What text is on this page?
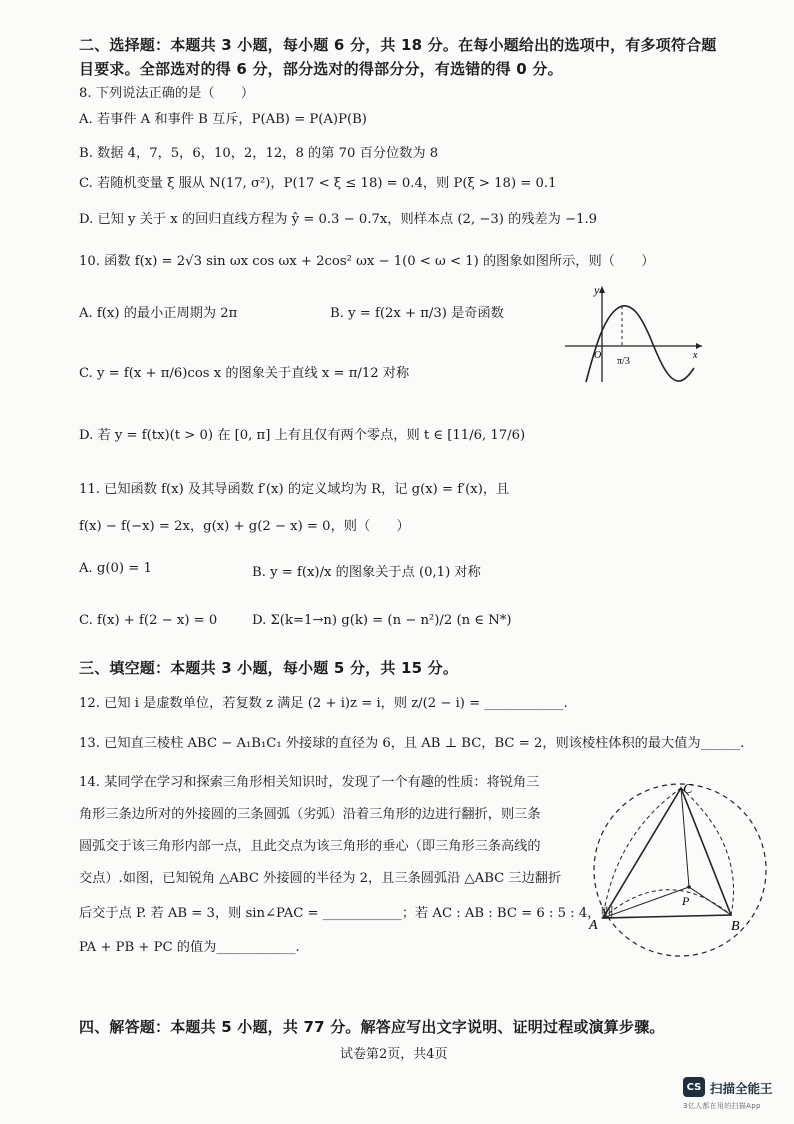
二、选择题：本题共 3 小题，每小题 6 分，共 18 分。在每小题给出的选项中，有多项符合题
目要求。全部选对的得 6 分，部分选对的得部分分，有选错的得 0 分。
8. 下列说法正确的是（　　）
A. 若事件 A 和事件 B 互斥，P(AB) = P(A)P(B)
B. 数据 4，7，5，6，10，2，12，8 的第 70 百分位数为 8
C. 若随机变量 ξ 服从 N(17, σ²)，P(17 < ξ ≤ 18) = 0.4，则 P(ξ > 18) = 0.1
D. 已知 y 关于 x 的回归直线方程为 ŷ = 0.3 − 0.7x，则样本点 (2, −3) 的残差为 −1.9
10. 函数 f(x) = 2√3 sin ωx cos ωx + 2cos² ωx − 1(0 < ω < 1) 的图象如图所示，则（　　）
A. f(x) 的最小正周期为 2π	B. y = f(2x + π/3) 是奇函数
C. y = f(x + π/6)cos x 的图象关于直线 x = π/12 对称
D. 若 y = f(tx)(t > 0) 在 [0, π] 上有且仅有两个零点，则 t ∈ [11/6, 17/6)
y
x
O
π/3
11. 已知函数 f(x) 及其导函数 f′(x) 的定义域均为 R，记 g(x) = f′(x)，且
f(x) − f(−x) = 2x，g(x) + g(2 − x) = 0，则（　　）
A. g(0) = 1	B. y = f(x)/x 的图象关于点 (0,1) 对称
C. f(x) + f(2 − x) = 0	D. Σ(k=1→n) g(k) = (n − n²)/2 (n ∈ N*)
三、填空题：本题共 3 小题，每小题 5 分，共 15 分。
12. 已知 i 是虚数单位，若复数 z 满足 (2 + i)z = i，则 z/(2 − i) = ____________.
13. 已知直三棱柱 ABC − A₁B₁C₁ 外接球的直径为 6，且 AB ⊥ BC，BC = 2，则该棱柱体积的最大值为______.
14. 某同学在学习和探索三角形相关知识时，发现了一个有趣的性质：将锐角三
角形三条边所对的外接圆的三条圆弧（劣弧）沿着三角形的边进行翻折，则三条
圆弧交于该三角形内部一点，且此交点为该三角形的垂心（即三角形三条高线的
交点）.如图，已知锐角 △ABC 外接圆的半径为 2，且三条圆弧沿 △ABC 三边翻折
后交于点 P. 若 AB = 3，则 sin∠PAC = ____________；若 AC : AB : BC = 6 : 5 : 4，则
PA + PB + PC 的值为____________.
C
A	B
P
四、解答题：本题共 5 小题，共 77 分。解答应写出文字说明、证明过程或演算步骤。
试卷第2页，共4页
CS 扫描全能王
3亿人都在用的扫描App
